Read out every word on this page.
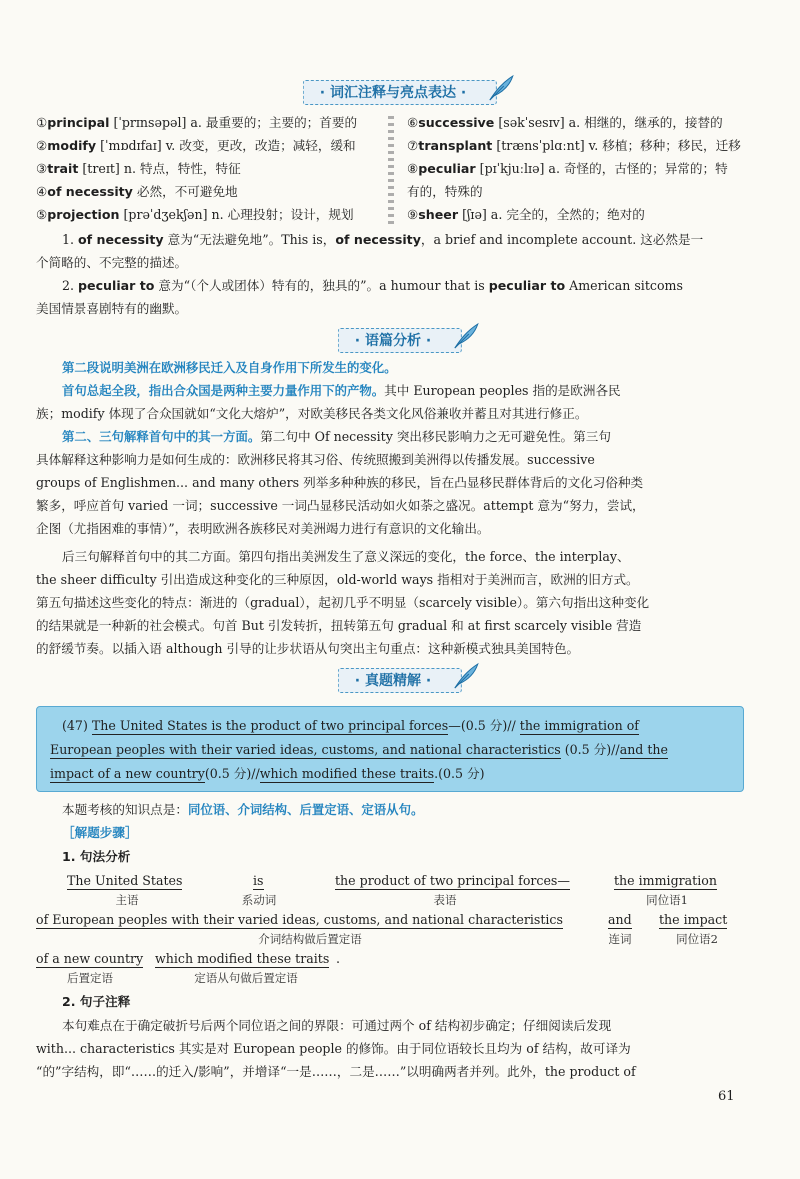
· 词汇注释与亮点表达 ·
①principal [ˈprɪnsəpəl] a. 最重要的；主要的；首要的
②modify [ˈmɒdɪfaɪ] v. 改变，更改，改造；减轻，缓和
③trait [treɪt] n. 特点，特性，特征
④of necessity 必然，不可避免地
⑤projection [prəˈdʒekʃən] n. 心理投射；设计，规划
⑥successive [səkˈsesɪv] a. 相继的，继承的，接替的
⑦transplant [trænsˈplɑːnt] v. 移植；移种；移民，迁移
⑧peculiar [pɪˈkjuːlɪə] a. 奇怪的，古怪的；异常的；特
有的，特殊的
⑨sheer [ʃɪə] a. 完全的，全然的；绝对的
1. of necessity 意为“无法避免地”。This is，of necessity，a brief and incomplete account. 这必然是一
个简略的、不完整的描述。
2. peculiar to 意为“（个人或团体）特有的，独具的”。a humour that is peculiar to American sitcoms
美国情景喜剧特有的幽默。
· 语篇分析 ·
第二段说明美洲在欧洲移民迁入及自身作用下所发生的变化。
首句总起全段，指出合众国是两种主要力量作用下的产物。其中 European peoples 指的是欧洲各民
族；modify 体现了合众国就如“文化大熔炉”，对欧美移民各类文化风俗兼收并蓄且对其进行修正。
第二、三句解释首句中的其一方面。第二句中 Of necessity 突出移民影响力之无可避免性。第三句
具体解释这种影响力是如何生成的：欧洲移民将其习俗、传统照搬到美洲得以传播发展。successive
groups of Englishmen... and many others 列举多种种族的移民，旨在凸显移民群体背后的文化习俗种类
繁多，呼应首句 varied 一词；successive 一词凸显移民活动如火如荼之盛况。attempt 意为“努力，尝试，
企图（尤指困难的事情）”，表明欧洲各族移民对美洲竭力进行有意识的文化输出。
后三句解释首句中的其二方面。第四句指出美洲发生了意义深远的变化，the force、the interplay、
the sheer difficulty 引出造成这种变化的三种原因，old-world ways 指相对于美洲而言，欧洲的旧方式。
第五句描述这些变化的特点：渐进的（gradual），起初几乎不明显（scarcely visible）。第六句指出这种变化
的结果就是一种新的社会模式。句首 But 引发转折，扭转第五句 gradual 和 at first scarcely visible 营造
的舒缓节奏。以插入语 although 引导的让步状语从句突出主句重点：这种新模式独具美国特色。
· 真题精解 ·
(47) The United States is the product of two principal forces—(0.5 分)// the immigration of
European peoples with their varied ideas, customs, and national characteristics (0.5 分)//and the
impact of a new country(0.5 分)//which modified these traits.(0.5 分)
本题考核的知识点是：同位语、介词结构、后置定语、定语从句。
［解题步骤］
1. 句法分析
The United States
主语
is
系动词
the product of two principal forces—
表语
the immigration
同位语1
of European peoples with their varied ideas, customs, and national characteristics
介词结构做后置定语
and
连词
the impact
同位语2
of a new country
后置定语
which modified these traits
定语从句做后置定语
.
2. 句子注释
本句难点在于确定破折号后两个同位语之间的界限：可通过两个 of 结构初步确定；仔细阅读后发现
with... characteristics 其实是对 European people 的修饰。由于同位语较长且均为 of 结构，故可译为
“的”字结构，即“……的迁入/影响”，并增译“一是……，二是……”以明确两者并列。此外，the product of
61
